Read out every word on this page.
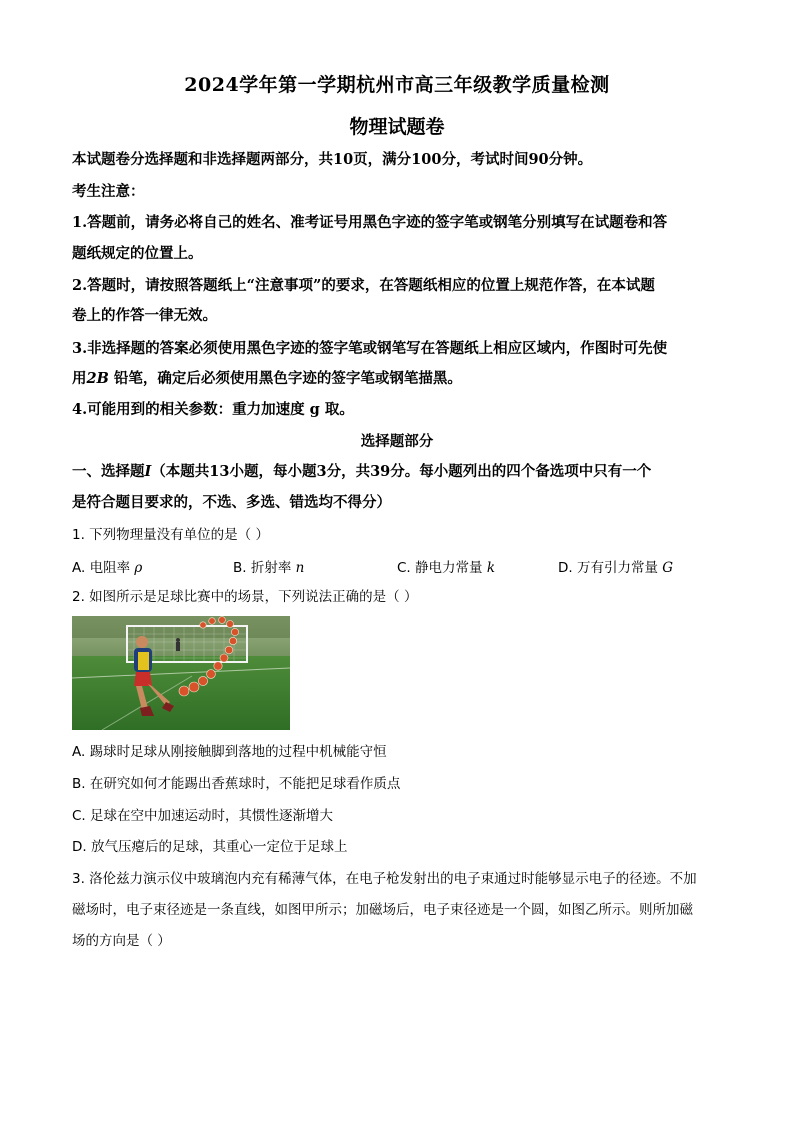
2024学年第一学期杭州市高三年级教学质量检测
物理试题卷
本试题卷分选择题和非选择题两部分，共10页，满分100分，考试时间90分钟。
考生注意：
1.答题前，请务必将自己的姓名、准考证号用黑色字迹的签字笔或钢笔分别填写在试题卷和答
题纸规定的位置上。
2.答题时，请按照答题纸上“注意事项”的要求，在答题纸相应的位置上规范作答，在本试题
卷上的作答一律无效。
3.非选择题的答案必须使用黑色字迹的签字笔或钢笔写在答题纸上相应区域内，作图时可先使
用2B 铅笔，确定后必须使用黑色字迹的签字笔或钢笔描黑。
4.可能用到的相关参数：重力加速度 g 取。
选择题部分
一、选择题I（本题共13小题，每小题3分，共39分。每小题列出的四个备选项中只有一个
是符合题目要求的，不选、多选、错选均不得分）
1. 下列物理量没有单位的是（ ）
A. 电阻率 ρ	B. 折射率 n	C. 静电力常量 k	D. 万有引力常量 G
2. 如图所示是足球比赛中的场景，下列说法正确的是（ ）
A. 踢球时足球从刚接触脚到落地的过程中机械能守恒
B. 在研究如何才能踢出香蕉球时，不能把足球看作质点
C. 足球在空中加速运动时，其惯性逐渐增大
D. 放气压瘪后的足球，其重心一定位于足球上
3. 洛伦兹力演示仪中玻璃泡内充有稀薄气体，在电子枪发射出的电子束通过时能够显示电子的径迹。不加
磁场时，电子束径迹是一条直线，如图甲所示；加磁场后，电子束径迹是一个圆，如图乙所示。则所加磁
场的方向是（ ）
